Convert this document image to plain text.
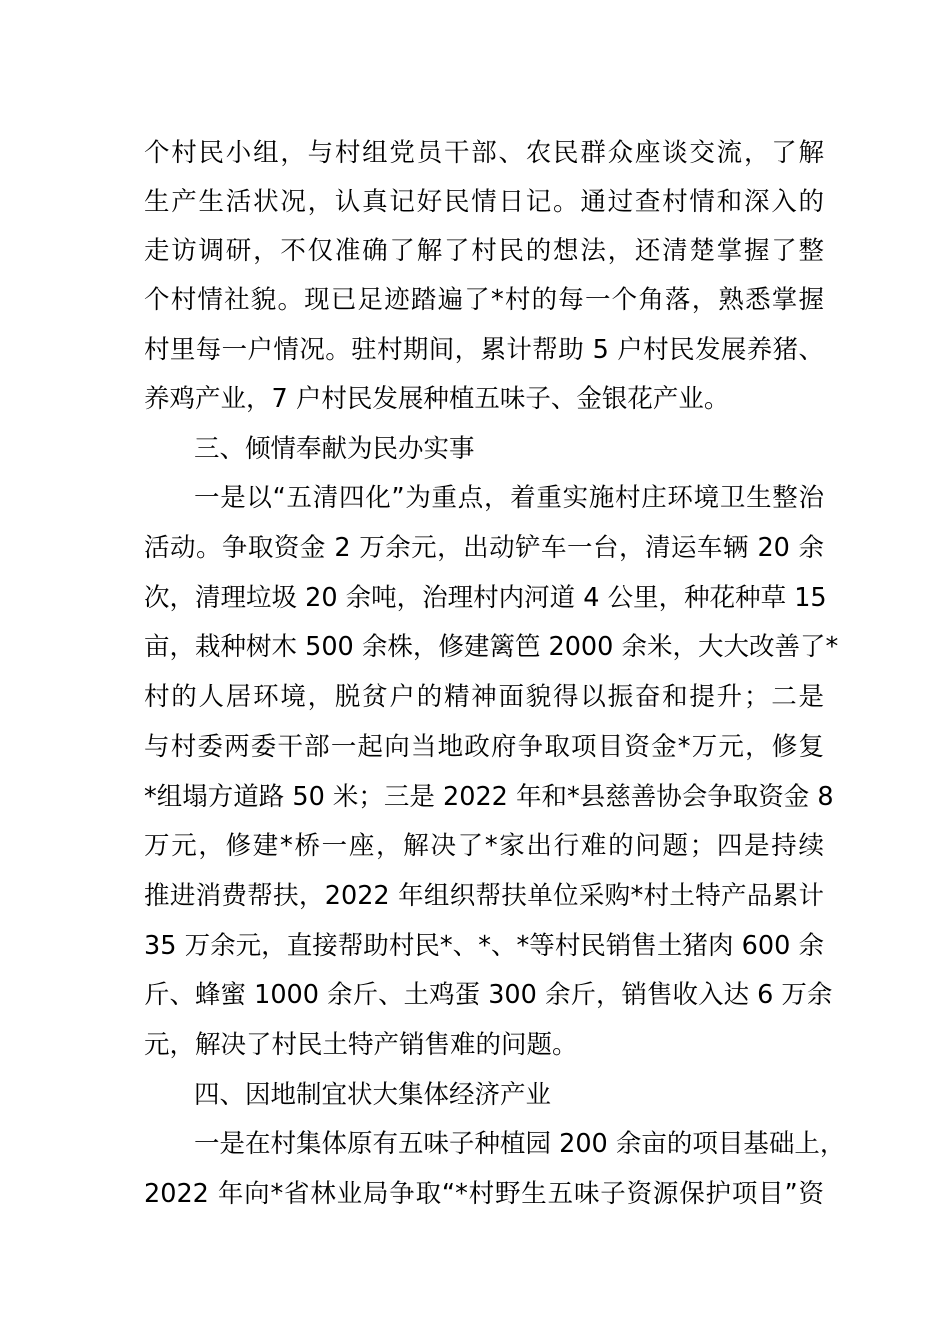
个村民小组，与村组党员干部、农民群众座谈交流，了解
生产生活状况，认真记好民情日记。通过查村情和深入的
走访调研，不仅准确了解了村民的想法，还清楚掌握了整
个村情社貌。现已足迹踏遍了*村的每一个角落，熟悉掌握
村里每一户情况。驻村期间，累计帮助 5 户村民发展养猪、
养鸡产业，7 户村民发展种植五味子、金银花产业。
三、倾情奉献为民办实事
一是以“五清四化”为重点，着重实施村庄环境卫生整治
活动。争取资金 2 万余元，出动铲车一台，清运车辆 20 余
次，清理垃圾 20 余吨，治理村内河道 4 公里，种花种草 15
亩，栽种树木 500 余株，修建篱笆 2000 余米，大大改善了*
村的人居环境，脱贫户的精神面貌得以振奋和提升；二是
与村委两委干部一起向当地政府争取项目资金*万元，修复
*组塌方道路 50 米；三是 2022 年和*县慈善协会争取资金 8
万元，修建*桥一座，解决了*家出行难的问题；四是持续
推进消费帮扶，2022 年组织帮扶单位采购*村土特产品累计
35 万余元，直接帮助村民*、*、*等村民销售土猪肉 600 余
斤、蜂蜜 1000 余斤、土鸡蛋 300 余斤，销售收入达 6 万余
元，解决了村民土特产销售难的问题。
四、因地制宜状大集体经济产业
一是在村集体原有五味子种植园 200 余亩的项目基础上，
2022 年向*省林业局争取“*村野生五味子资源保护项目”资
